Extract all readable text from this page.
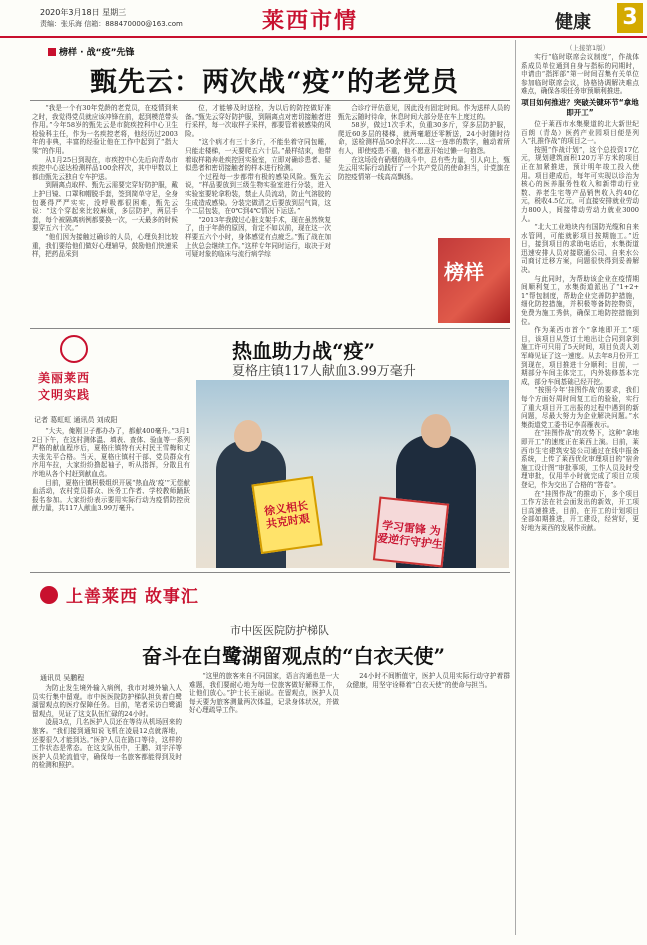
2020年3月18日 星期三
责编：张乐海 信箱：888470000@163.com	莱西市情	健康 3
榜样 · 战“疫”先锋
甄先云：两次战“疫”的老党员

“我是一个有30年党龄的老党员，在疫情到来之时，我觉得党员就应该冲锋在前，起到模范带头作用。”今年58岁的甄先云是市院疾控科中心卫生检验科主任，作为一名疾控老将，他经历过2003年的非典，丰富的经验让他在工作中起到了“指大梁”的作用。

从1月25日到现在，市疾控中心先后向青岛市疾控中心送达检测样品100余样次，其中甲数以上都由甄先云独自专车护送。

到隔离点取样、甄先云需要完穿好防护服，戴上护目镜、口罩和帽脱手套，签到简单守足，全身包裹得严严实实，没呼吸都很困难，甄先云说：“这个穿起来比较麻烦，多层防护，两层手套，每个被隔离病例都要换一次，一天最多的时候要穿五六十次。”

“他们因为接触过确诊的人员，心理负担比较重，我们要给他们做好心理辅导，鼓励他们快速采样，把药品采到

位，才能够及时送检，为以后的防控做好准备。”甄先云穿好防护服，到隔离点对密切接触者进行采样，每一次取样子采样，都要管着被感染的风险。

“这个病才有三十多斤，不能坐着守同包睡，只能走楼梯，一天要爬五六十层。”最样结束，他带着取样箱奔赴疾控回实验室，立即对确诊患者、疑似患者和密切接触者的样本进行检测。

个过程每一步都带有极的感染风险。甄先云说，“样品要放到三级生物实验室进行分装，进入实验室要轮拿粉装，禁止人员流动，防止气溶胶的生成造成感染。分装完做清之后要放到层气筒，这个二层包装，在0℃到4℃情况下运送。”

“2013年我做过心脏支架手术，现在虽然恢复了，由于年龄的原因，肯定不如以前，现在这一次样要五六个小时，身体感觉有点疲乏。”甄了战在加上伙总会继续工作。”这样专年同时运行，取决于对可疑对象的临床与流行病学综

合诊疗评估意见，因此没有固定时间。作为送样人员的甄先云随时待命，休息时间大部分是在车上度过的。

58岁，做过1次手术，负重30多斤，穿多层防护服，爬近60多层的楼梯，就两毫超还零断送，24小时随时待命，送检测样品50余样次……这一连串的数字，触动着所有人，即使疫患不重，他不愿意开始过懒一句抱怨。

在这场没有硝烟的战斗中，总有些力量，引人向上，甄先云用实际行动践行了一个共产党员的使命担当，计党旗在防控疫情第一线高高飘扬。

榜样
（上接第1版）

实行“临时联席会议制度”，作战体系成员单位通到自身与指标的同期时，申请由“指挥部”第一时间召集有关单位参加临时联席会议，协格协调解决难点难点，确保各项任务审预顺利推进。

项目如何推进？突破关键环节“拿地即开工”

位于莱西市水集聚道的北大新世纪百朗（青岛）医药产业园项目便是列入“扎推作战”的项目之一。

按照“作战计划”，这个总投资17亿元，规划建筑面积120万平方米的项目正在加紧推进，预计明年竣工投入使用。项目建成后，每年可实现以诊治为核心的医养服务性收入和新带动行业数、养老生宅等产品销售收入约40亿元，税收4.5亿元，可直接安排就业劳动力800人，间接带动劳动力就业3000人。

“北大工业地块内有国防光缆和自来水管网，可能就影项目按期施工。”近日，接到项目的求助电话后，水集街道迅速安排人员对接联通公司、自来水公司商讨迁移方案，问题很快得到妥善解决。

与此同时，为帮助该企业在疫情期间顺利复工，水集街道派出了“1+2+1”帮包制度，帮助企业完善防护措施，细化防控措施，并积极等备防控物资，免费为施工秀供，确保工地防控措施到位。

作为莱西市首个“拿地即开工”项目，该项目从签订土地出让合同到拿到施工许可只用了5天时间，项目负责人刘军峰见证了这一速度。从去年8月份开工到现在，项目推进十分顺利；目前，一期部分车间主体完工，内外装修基本完成，部分车间基础已经开挖。

“按照今年‘挂图作战’的要求，我们每个方面好周时间复工后的验验，实行了重大项目开工出报的过程中遇到的新问题，尽最大努力为企业解决问题。”水集街道党工委书记李喜雁表示。

在“挂图作战”的攻势下，这种“拿地即开工”的速度正在莱西上演。目前，莱西市生宅建筑安装公司通过在线申报备系统，上传了莱西优化审理项目的“宿舍施工设计图”审批事项，工作人员及时受理审批，仅用半小时就完成了项目立项登记，作为交出了合格的“答卷”。

在“挂图作战”的推动下，多个项目工作方法在社会面发出的新效，开工项目高速推进，目前，在开工的计划项目全部如期推进，开工建设，经营好，更好地为莱西的发展作贡献。

美丽莱西
文明实践
热血助力战“疫”
夏格庄镇117人献血3.99万毫升
记者 葛虹虹 通讯员 刘成阳

“大夫，俺刚卫子都办办了，都献400毫升。”3月12日下午，在这村测体温、填表、查体、验血等一系列严格的献血程序后，夏格庄镇特有天村民王雪梅和丈夫张先平合格。当天，夏格庄镇村干部、党员群众有序用车拉，大家纷纷撸起袖子，听从指挥，分散且有序地从各个村赶到献血点。

目前，夏格庄镇积极组织开展“热血战‘疫’”无偿献血活动，农村党员群众、医务工作者、学校教师踊跃报名参加。大家纷纷表示要用实际行动为疫情防控贡献力量，共117人献血3.99万毫升。	徐义相长 共克时艰	学习雷锋 为爱逆行守护生
上善莱西 故事汇
市中医医院防护梯队
奋斗在白鹭湖留观点的“白衣天使”
通讯员 吴鹏程

为防止发生境外输入病例，我市对境外输入人员实行集中留观。市中医医院防护梯队担负着白鹭湖留观点的医疗保障任务。目前，笔者采访白鹭湖留观点，见证了这支队伍忙碌的24小时。

凌晨3点，几名医护人员还在等待从机场回来的旅客。“我们接到通知说飞机在凌晨12点就落地，还要很久才能到达。”医护人员在路口等待，这样的工作状态是常态。在这支队伍中，王鹏、刘宇洋等医护人员轮流值守，确保每一名旅客都能得到及时的检测和照护。

“这里的旅客来自不同国家，语言沟通也是一大难题，我们要耐心地为每一位旅客做好解释工作，让他们放心。”护士长王丽说。在留观点，医护人员每天要为旅客测量两次体温，记录身体状况，并做好心理疏导工作。

24小时不间断值守，医护人员用实际行动守护着群众健康，用坚守诠释着“白衣天使”的使命与担当。
